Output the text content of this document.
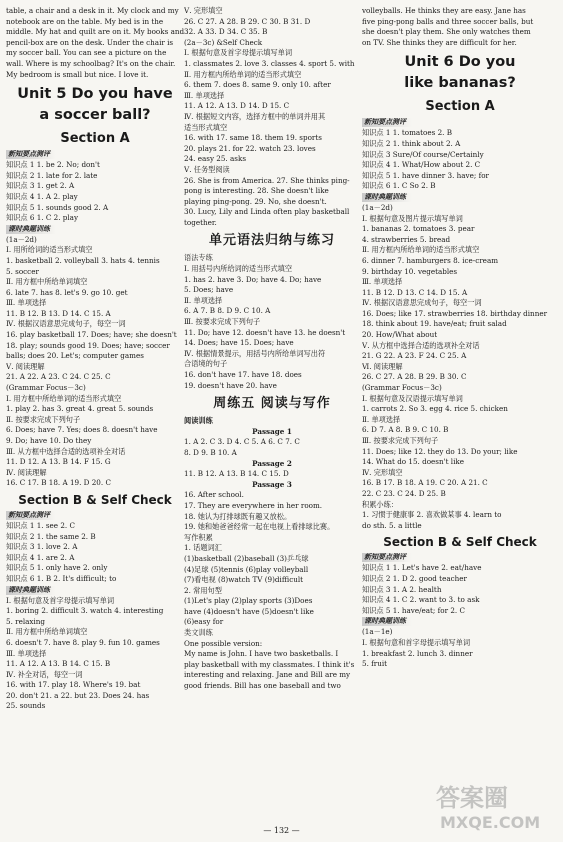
table, a chair and a desk in it. My clock and my
notebook are on the table. My bed is in the
middle. My hat and quilt are on it. My books and
pencil-box are on the desk. Under the chair is
my soccer ball. You can see a picture on the
wall. Where is my schoolbag? It's on the chair.
My bedroom is small but nice. I love it.
Unit 5 Do you have
a soccer ball?
Section A
新知要点测评
知识点 1 1. be 2. No; don't
知识点 2 1. late for 2. late
知识点 3 1. get 2. A
知识点 4 1. A 2. play
知识点 5 1. sounds good 2. A
知识点 6 1. C 2. play
课时典题训练
(1a－2d)
Ⅰ. 用所给词的适当形式填空
1. basketball 2. volleyball 3. hats 4. tennis
5. soccer
Ⅱ. 用方框中所给单词填空
6. late 7. has 8. let's 9. go 10. get
Ⅲ. 单项选择
11. B 12. B 13. D 14. C 15. A
Ⅳ. 根据汉语意思完成句子，每空一词
16. play basketball 17. Does; have; she doesn't
18. play; sounds good 19. Does; have; soccer
balls; does 20. Let's; computer games
Ⅴ. 阅读理解
21. A 22. A 23. C 24. C 25. C
(Grammar Focus－3c)
Ⅰ. 用方框中所给单词的适当形式填空
1. play 2. has 3. great 4. great 5. sounds
Ⅱ. 按要求完成下列句子
6. Does; have 7. Yes; does 8. doesn't have
9. Do; have 10. Do they
Ⅲ. 从方框中选择合适的选项补全对话
11. D 12. A 13. B 14. F 15. G
Ⅳ. 阅读理解
16. C 17. B 18. A 19. D 20. C
Section B & Self Check
新知要点测评
知识点 1 1. see 2. C
知识点 2 1. the same 2. B
知识点 3 1. love 2. A
知识点 4 1. are 2. A
知识点 5 1. only have 2. only
知识点 6 1. B 2. It's difficult; to
课时典题训练
Ⅰ. 根据句意及首字母提示填写单词
1. boring 2. difficult 3. watch 4. interesting
5. relaxing
Ⅱ. 用方框中所给单词填空
6. doesn't 7. have 8. play 9. fun 10. games
Ⅲ. 单项选择
11. A 12. A 13. B 14. C 15. B
Ⅳ. 补全对话，每空一词
16. with 17. play 18. Where's 19. bat
20. don't 21. a 22. but 23. Does 24. has
25. sounds
Ⅴ. 完形填空
26. C 27. A 28. B 29. C 30. B 31. D
32. A 33. D 34. C 35. B
(2a－3c) &Self Check
Ⅰ. 根据句意及首字母提示填写单词
1. classmates 2. love 3. classes 4. sport 5. with
Ⅱ. 用方框内所给单词的适当形式填空
6. them 7. does 8. same 9. only 10. after
Ⅲ. 单项选择
11. A 12. A 13. D 14. D 15. C
Ⅳ. 根据短文内容，选择方框中的单词并用其
适当形式填空
16. with 17. same 18. them 19. sports
20. plays 21. for 22. watch 23. loves
24. easy 25. asks
Ⅴ. 任务型阅读
26. She is from America. 27. She thinks ping-
pong is interesting. 28. She doesn't like
playing ping-pong. 29. No, she doesn't.
30. Lucy, Lily and Linda often play basketball
together.
单元语法归纳与练习
语法专练
Ⅰ. 用括号内所给词的适当形式填空
1. has 2. have 3. Do; have 4. Do; have
5. Does; have
Ⅱ. 单项选择
6. A 7. B 8. D 9. C 10. A
Ⅲ. 按要求完成下列句子
11. Do; have 12. doesn't have 13. he doesn't
14. Does; have 15. Does; have
Ⅳ. 根据情景提示，用括号内所给单词写出符
合语境的句子
16. don't have 17. have 18. does
19. doesn't have 20. have
周练五 阅读与写作
阅读训练
Passage 1
1. A 2. C 3. D 4. C 5. A 6. C 7. C
8. D 9. B 10. A
Passage 2
11. B 12. A 13. B 14. C 15. D
Passage 3
16. After school.
17. They are everywhere in her room.
18. 她认为打排球既有趣又放松。
19. 她和她爸爸经常一起在电视上看排球比赛。
写作积累
1. 话题词汇
(1)basketball (2)baseball (3)乒乓球
(4)足球 (5)tennis (6)play volleyball
(7)看电视 (8)watch TV (9)difficult
2. 常用句型
(1)Let's play (2)play sports (3)Does
have (4)doesn't have (5)doesn't like
(6)easy for
类文训练
One possible version:
My name is John. I have two basketballs. I
play basketball with my classmates. I think it's
interesting and relaxing. Jane and Bill are my
good friends. Bill has one baseball and two
volleyballs. He thinks they are easy. Jane has
five ping-pong balls and three soccer balls, but
she doesn't play them. She only watches them
on TV. She thinks they are difficult for her.
Unit 6 Do you
like bananas?
Section A
新知要点测评
知识点 1 1. tomatoes 2. B
知识点 2 1. think about 2. A
知识点 3 Sure/Of course/Certainly
知识点 4 1. What/How about 2. C
知识点 5 1. have dinner 3. have; for
知识点 6 1. C So 2. B
课时典题训练
(1a－2d)
Ⅰ. 根据句意及图片提示填写单词
1. bananas 2. tomatoes 3. pear
4. strawberries 5. bread
Ⅱ. 用方框内所给单词的适当形式填空
6. dinner 7. hamburgers 8. ice-cream
9. birthday 10. vegetables
Ⅲ. 单项选择
11. B 12. D 13. C 14. D 15. A
Ⅳ. 根据汉语意思完成句子，每空一词
16. Does; like 17. strawberries 18. birthday dinner
18. think about 19. have/eat; fruit salad
20. How/What about
Ⅴ. 从方框中选择合适的选项补全对话
21. G 22. A 23. F 24. C 25. A
Ⅵ. 阅读理解
26. C 27. A 28. B 29. B 30. C
(Grammar Focus－3c)
Ⅰ. 根据句意及汉语提示填写单词
1. carrots 2. So 3. egg 4. rice 5. chicken
Ⅱ. 单项选择
6. D 7. A 8. B 9. C 10. B
Ⅲ. 按要求完成下列句子
11. Does; like 12. they do 13. Do your; like
14. What do 15. doesn't like
Ⅳ. 完形填空
16. B 17. B 18. A 19. C 20. A 21. C
22. C 23. C 24. D 25. B
积累小练：
1. 习惯于健康事 2. 喜欢做某事 4. learn to
do sth. 5. a little
Section B & Self Check
新知要点测评
知识点 1 1. Let's have 2. eat/have
知识点 2 1. D 2. good teacher
知识点 3 1. A 2. health
知识点 4 1. C 2. want to 3. to ask
知识点 5 1. have/eat; for 2. C
课时典题训练
(1a－1e)
Ⅰ. 根据句意和首字母提示填写单词
1. breakfast 2. lunch 3. dinner
5. fruit
— 132 —
答案圈
MXQE.COM
